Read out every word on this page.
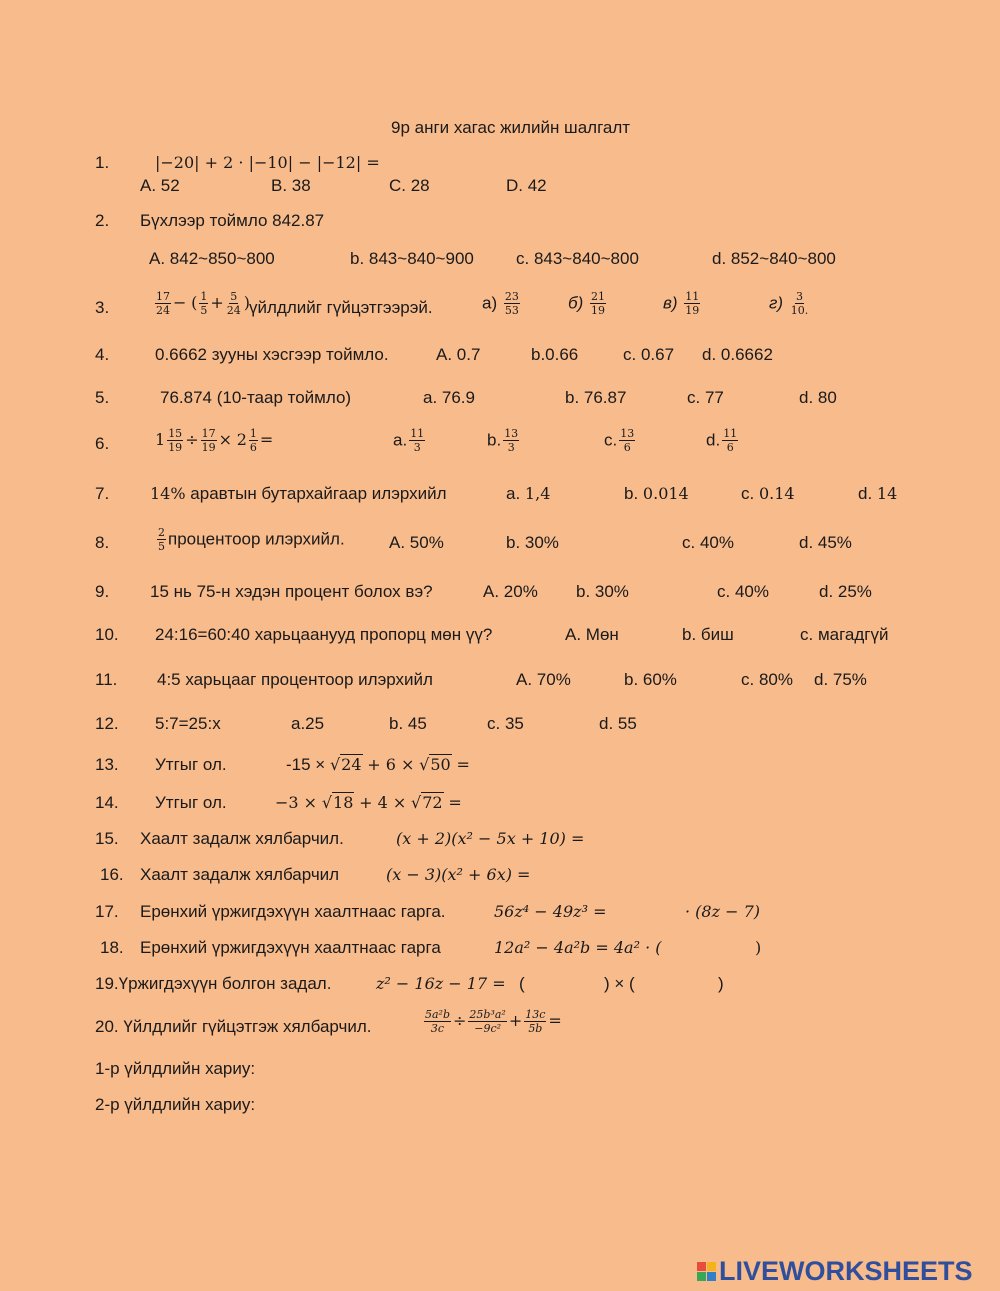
9р анги хагас жилийн шалгалт
1.	|−20| + 2 · |−10| − |−12| =
A. 52	B. 38	C. 28	D. 42
2. Бүхлээр тоймло 842.87
A. 842~850~800	b. 843~840~900 c. 843~840~800	d. 852~840~800
3.	$\frac{17}{24}$ − ( $\frac{1}{5} + \frac{5}{24}$ )
үйлдлийг гүйцэтгээрэй.	$а) \frac{23}{53}$	$б) \frac{21}{19}$	$в) \frac{11}{19}$	$г) \frac{3}{10.}$
4.	0.6662 зууны хэсгээр тоймло.	A. 0.7	b.0.66	c. 0.67 d. 0.6662
5.	76.874 (10-таар тоймло)	a. 76.9	b. 76.87	c. 77	d. 80
6.	$1 \frac{15}{19} \div \frac{17}{19} \times 2 \frac{1}{6}$ =	a. $\frac{11}{3}$	b. $\frac{13}{3}$	c. $\frac{13}{6}$	d. $\frac{11}{6}$
7.	14% аравтын бутархайгаар илэрхийл	a. 1,4	b. 0.014	c. 0.14	d. 14
8.	$\frac{2}{5}$ процентоор илэрхийл.	A. 50%	b. 30%	c. 40%	d. 45%
9. 15 нь 75-н хэдэн процент болох вэ?	A. 20% b. 30%	c. 40%	d. 25%
10. 24:16=60:40 харьцаанууд пропорц мөн үү?	A. Мөн	b. биш	c. магадгүй
11. 4:5 харьцааг процентоор илэрхийл	A. 70%	b. 60%	c. 80% d. 75%
12. 5:7=25:x	a.25	b. 45	c. 35	d. 55
13. Утгыг ол.	-15 × √24 + 6 × √50 =
14. Утгыг ол.	−3 × √18 + 4 × √72 =
15. Хаалт задалж хялбарчил.	(x + 2)(x² − 5x + 10) =
16. Хаалт задалж хялбарчил	(x − 3)(x² + 6x) =
17. Ерөнхий үржигдэхүүн хаалтнаас гарга.	56z⁴ − 49z³ =	· (8z − 7)
18. Ерөнхий үржигдэхүүн хаалтнаас гарга	12a² − 4a²b = 4a² · (	)
19.Үржигдэхүүн болгон задал.	z² − 16z − 17 = (	) × (	)
20. Үйлдлийг гүйцэтгэж хялбарчил.	$\frac{\text{5a²b}}{3c} \div \frac{\text{25b³a²}}{\text{−9c²}} + \frac{13c}{5b}$ =
1-р үйлдлийн хариу:
2-р үйлдлийн хариу:
LIVEWORKSHEETS
